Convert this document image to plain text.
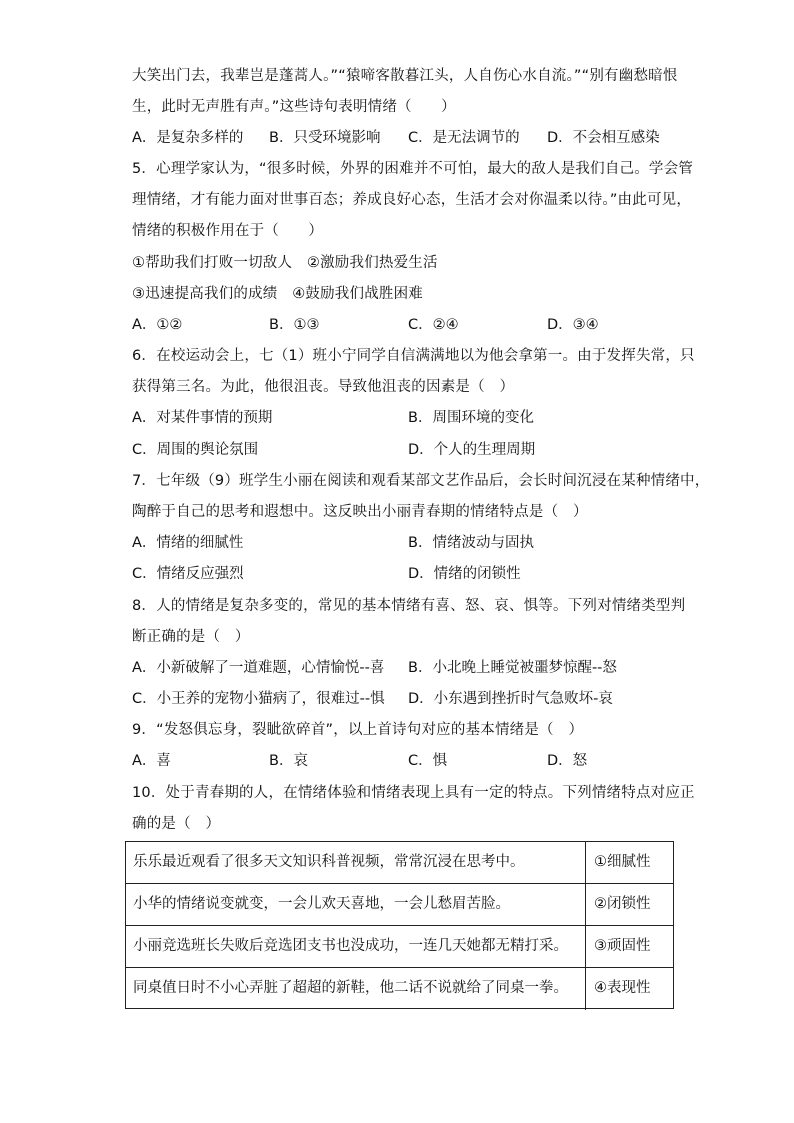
大笑出门去，我辈岂是蓬蒿人。”“猿啼客散暮江头，人自伤心水自流。”“别有幽愁暗恨
生，此时无声胜有声。”这些诗句表明情绪（　　）
A．是复杂多样的 B．只受环境影响 C．是无法调节的 D．不会相互感染
5．心理学家认为，“很多时候，外界的困难并不可怕，最大的敌人是我们自己。学会管
理情绪，才有能力面对世事百态；养成良好心态，生活才会对你温柔以待。”由此可见，
情绪的积极作用在于（　　）
①帮助我们打败一切敌人　②激励我们热爱生活
③迅速提高我们的成绩　④鼓励我们战胜困难
A．①②	B．①③	C．②④	D．③④
6．在校运动会上，七（1）班小宁同学自信满满地以为他会拿第一。由于发挥失常，只
获得第三名。为此，他很沮丧。导致他沮丧的因素是（　）
A．对某件事情的预期	B．周围环境的变化
C．周围的舆论氛围	D．个人的生理周期
7．七年级（9）班学生小丽在阅读和观看某部文艺作品后，会长时间沉浸在某种情绪中，
陶醉于自己的思考和遐想中。这反映出小丽青春期的情绪特点是（　）
A．情绪的细腻性	B．情绪波动与固执
C．情绪反应强烈	D．情绪的闭锁性
8．人的情绪是复杂多变的，常见的基本情绪有喜、怒、哀、惧等。下列对情绪类型判
断正确的是（　）
A．小新破解了一道难题，心情愉悦--喜 B．小北晚上睡觉被噩梦惊醒--怒
C．小王养的宠物小猫病了，很难过--惧 D．小东遇到挫折时气急败坏-哀
9．“发怒俱忘身，裂眦欲碎首”，以上首诗句对应的基本情绪是（　）
A．喜	B．哀	C．惧	D．怒
10．处于青春期的人，在情绪体验和情绪表现上具有一定的特点。下列情绪特点对应正
确的是（　）
乐乐最近观看了很多天文知识科普视频，常常沉浸在思考中。	①细腻性
小华的情绪说变就变，一会儿欢天喜地，一会儿愁眉苦脸。	②闭锁性
小丽竞选班长失败后竞选团支书也没成功，一连几天她都无精打采。	③顽固性
同桌值日时不小心弄脏了超超的新鞋，他二话不说就给了同桌一拳。	④表现性
